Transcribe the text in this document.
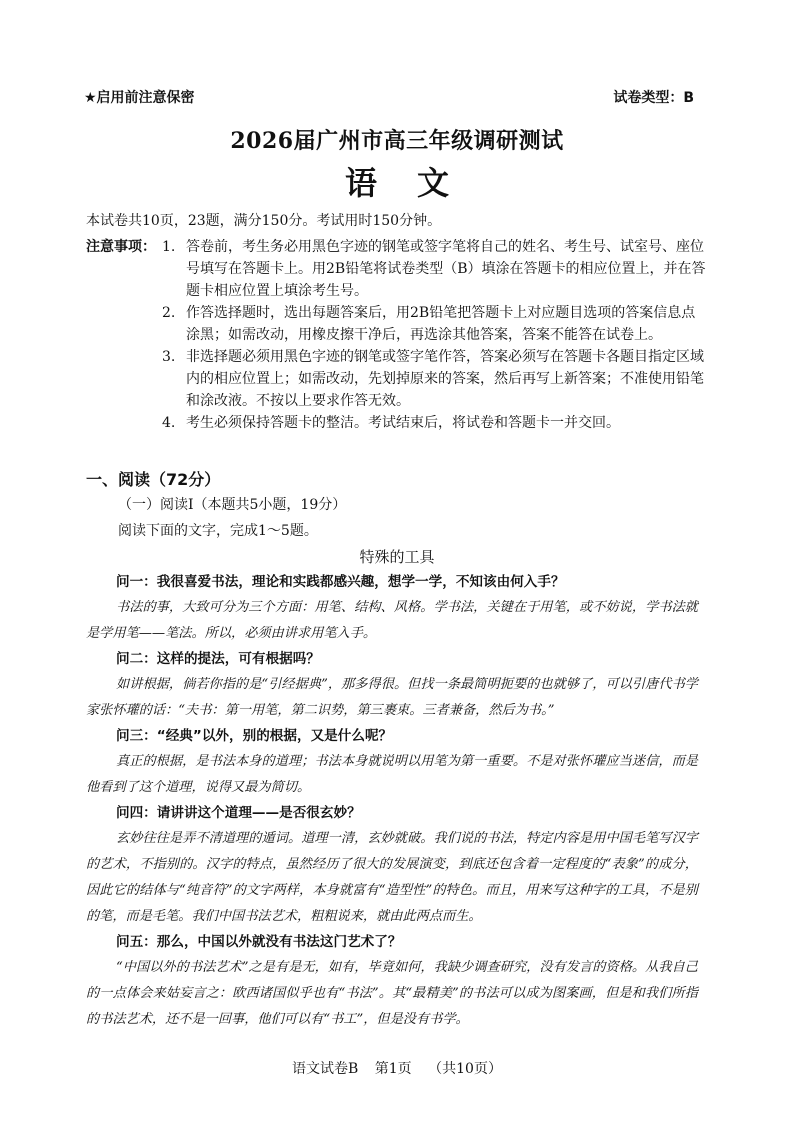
★启用前注意保密	试卷类型：B
2026届广州市高三年级调研测试
语文
本试卷共10页，23题，满分150分。考试用时150分钟。
注意事项： 1. 答卷前，考生务必用黑色字迹的钢笔或签字笔将自己的姓名、考生号、试室号、座位号填写在答题卡上。用2B铅笔将试卷类型（B）填涂在答题卡的相应位置上，并在答题卡相应位置上填涂考生号。
2. 作答选择题时，选出每题答案后，用2B铅笔把答题卡上对应题目选项的答案信息点涂黑；如需改动，用橡皮擦干净后，再选涂其他答案，答案不能答在试卷上。
3. 非选择题必须用黑色字迹的钢笔或签字笔作答，答案必须写在答题卡各题目指定区域内的相应位置上；如需改动，先划掉原来的答案，然后再写上新答案；不准使用铅笔和涂改液。不按以上要求作答无效。
4. 考生必须保持答题卡的整洁。考试结束后，将试卷和答题卡一并交回。
一、阅读（72分）
（一）阅读Ⅰ（本题共5小题，19分）
阅读下面的文字，完成1～5题。
特殊的工具
问一：我很喜爱书法，理论和实践都感兴趣，想学一学，不知该由何入手？
书法的事，大致可分为三个方面：用笔、结构、风格。学书法，关键在于用笔，或不妨说，学书法就是学用笔——笔法。所以，必须由讲求用笔入手。
问二：这样的提法，可有根据吗？
如讲根据，倘若你指的是“引经据典”，那多得很。但找一条最简明扼要的也就够了，可以引唐代书学家张怀瓘的话：“夫书：第一用笔，第二识势，第三裹束。三者兼备，然后为书。”
问三：“经典”以外，别的根据，又是什么呢？
真正的根据，是书法本身的道理；书法本身就说明以用笔为第一重要。不是对张怀瓘应当迷信，而是他看到了这个道理，说得又最为简切。
问四：请讲讲这个道理——是否很玄妙？
玄妙往往是弄不清道理的遁词。道理一清，玄妙就破。我们说的书法，特定内容是用中国毛笔写汉字的艺术，不指别的。汉字的特点，虽然经历了很大的发展演变，到底还包含着一定程度的“表象”的成分，因此它的结体与“纯音符”的文字两样，本身就富有“造型性”的特色。而且，用来写这种字的工具，不是别的笔，而是毛笔。我们中国书法艺术，粗粗说来，就由此两点而生。
问五：那么，中国以外就没有书法这门艺术了？
“中国以外的书法艺术”之是有是无，如有，毕竟如何，我缺少调查研究，没有发言的资格。从我自己的一点体会来姑妄言之：欧西诸国似乎也有“书法”。其“最精美”的书法可以成为图案画，但是和我们所指的书法艺术，还不是一回事，他们可以有“书工”，但是没有书学。
语文试卷B 第1页 （共10页）
